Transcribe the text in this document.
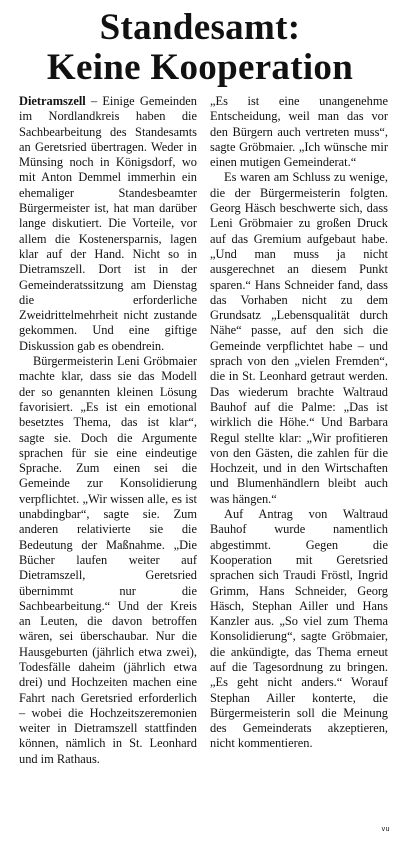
Standesamt:
Keine Kooperation

Dietramszell – Einige Gemeinden im Nordlandkreis haben die Sachbearbeitung des Standesamts an Geretsried übertragen. Weder in Münsing noch in Königsdorf, wo mit Anton Demmel immerhin ein ehemaliger Standesbeamter Bürgermeister ist, hat man darüber lange diskutiert. Die Vorteile, vor allem die Kostenersparnis, lagen klar auf der Hand. Nicht so in Dietramszell. Dort ist in der Gemeinderatssitzung am Dienstag die erforderliche Zweidrittelmehrheit nicht zustande gekommen. Und eine giftige Diskussion gab es obendrein.

Bürgermeisterin Leni Gröbmaier machte klar, dass sie das Modell der so genannten kleinen Lösung favorisiert. „Es ist ein emotional besetztes Thema, das ist klar“, sagte sie. Doch die Argumente sprachen für sie eine eindeutige Sprache. Zum einen sei die Gemeinde zur Konsolidierung verpflichtet. „Wir wissen alle, es ist unabdingbar“, sagte sie. Zum anderen relativierte sie die Bedeutung der Maßnahme. „Die Bücher laufen weiter auf Dietramszell, Geretsried übernimmt nur die Sachbearbeitung.“ Und der Kreis an Leuten, die davon betroffen wären, sei überschaubar. Nur die Hausgeburten (jährlich etwa zwei), Todesfälle daheim (jährlich etwa drei) und Hochzeiten machen eine Fahrt nach Geretsried erforderlich – wobei die Hochzeitszeremonien weiter in Dietramszell stattfinden können, nämlich in St. Leonhard und im Rathaus.

„Es ist eine unangenehme Entscheidung, weil man das vor den Bürgern auch vertreten muss“, sagte Gröbmaier. „Ich wünsche mir einen mutigen Gemeinderat.“

Es waren am Schluss zu wenige, die der Bürgermeisterin folgten. Georg Häsch beschwerte sich, dass Leni Gröbmaier zu großen Druck auf das Gremium aufgebaut habe. „Und man muss ja nicht ausgerechnet an diesem Punkt sparen.“ Hans Schneider fand, dass das Vorhaben nicht zu dem Grundsatz „Lebensqualität durch Nähe“ passe, auf den sich die Gemeinde verpflichtet habe – und sprach von den „vielen Fremden“, die in St. Leonhard getraut werden. Das wiederum brachte Waltraud Bauhof auf die Palme: „Das ist wirklich die Höhe.“ Und Barbara Regul stellte klar: „Wir profitieren von den Gästen, die zahlen für die Hochzeit, und in den Wirtschaften und Blumenhändlern bleibt auch was hängen.“

Auf Antrag von Waltraud Bauhof wurde namentlich abgestimmt. Gegen die Kooperation mit Geretsried sprachen sich Traudi Fröstl, Ingrid Grimm, Hans Schneider, Georg Häsch, Stephan Ailler und Hans Kanzler aus. „So viel zum Thema Konsolidierung“, sagte Gröbmaier, die ankündigte, das Thema erneut auf die Tagesordnung zu bringen. „Es geht nicht anders.“ Worauf Stephan Ailler konterte, die Bürgermeisterin soll die Meinung des Gemeinderats akzeptieren, nicht kommentieren.

vu
